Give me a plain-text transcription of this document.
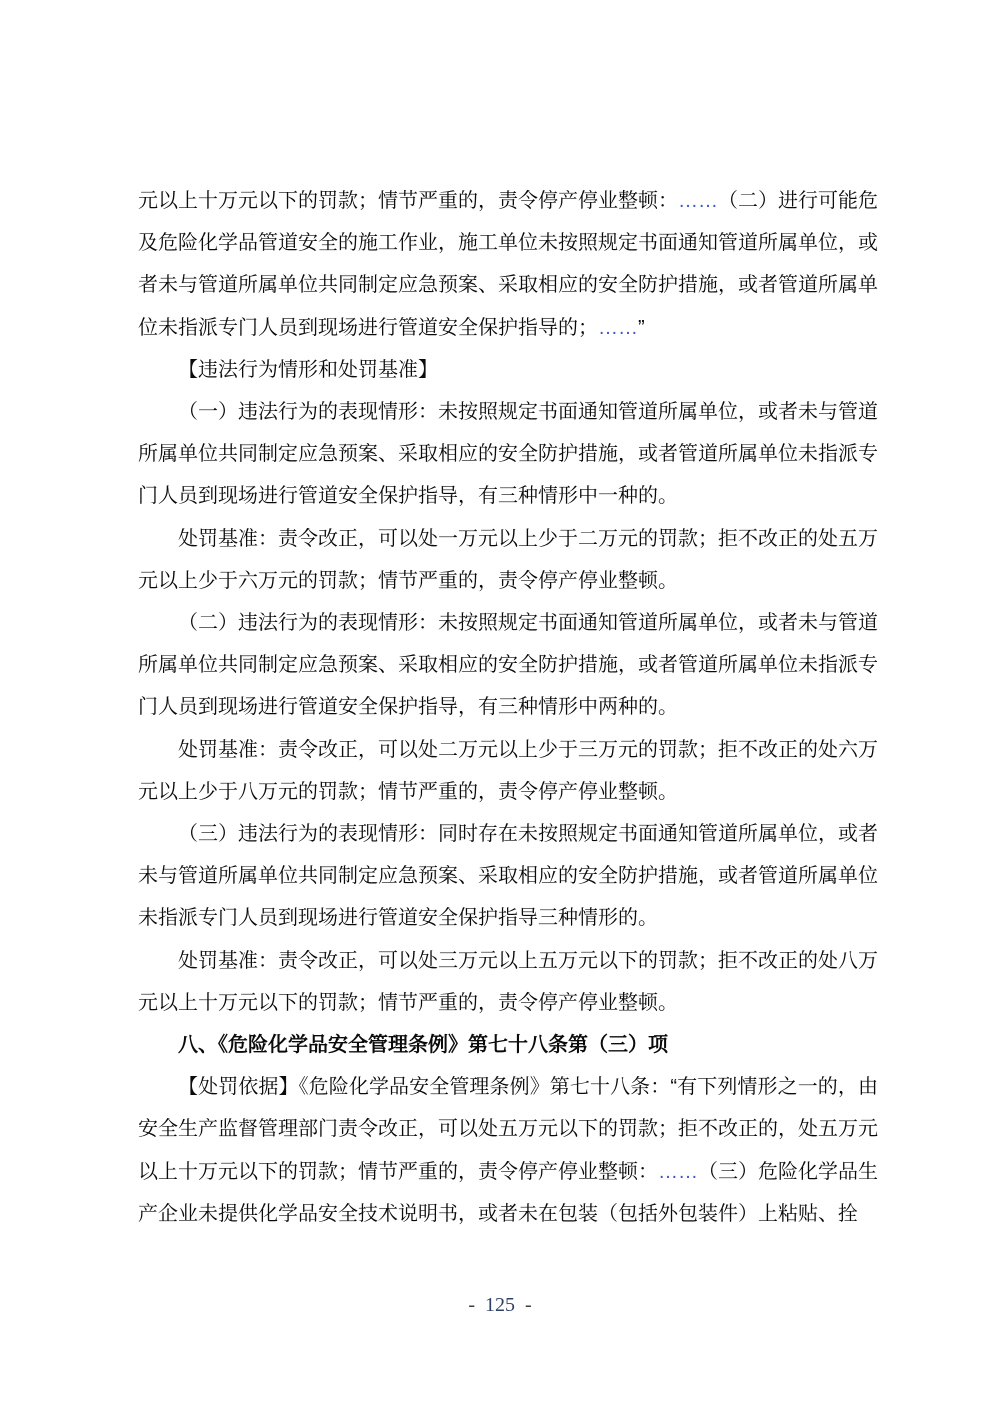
元以上十万元以下的罚款；情节严重的，责令停产停业整顿：……（二）进行可能危及危险化学品管道安全的施工作业，施工单位未按照规定书面通知管道所属单位，或者未与管道所属单位共同制定应急预案、采取相应的安全防护措施，或者管道所属单位未指派专门人员到现场进行管道安全保护指导的；……”

【违法行为情形和处罚基准】

（一）违法行为的表现情形：未按照规定书面通知管道所属单位，或者未与管道所属单位共同制定应急预案、采取相应的安全防护措施，或者管道所属单位未指派专门人员到现场进行管道安全保护指导，有三种情形中一种的。

处罚基准：责令改正，可以处一万元以上少于二万元的罚款；拒不改正的处五万元以上少于六万元的罚款；情节严重的，责令停产停业整顿。

（二）违法行为的表现情形：未按照规定书面通知管道所属单位，或者未与管道所属单位共同制定应急预案、采取相应的安全防护措施，或者管道所属单位未指派专门人员到现场进行管道安全保护指导，有三种情形中两种的。

处罚基准：责令改正，可以处二万元以上少于三万元的罚款；拒不改正的处六万元以上少于八万元的罚款；情节严重的，责令停产停业整顿。

（三）违法行为的表现情形：同时存在未按照规定书面通知管道所属单位，或者未与管道所属单位共同制定应急预案、采取相应的安全防护措施，或者管道所属单位未指派专门人员到现场进行管道安全保护指导三种情形的。

处罚基准：责令改正，可以处三万元以上五万元以下的罚款；拒不改正的处八万元以上十万元以下的罚款；情节严重的，责令停产停业整顿。

八、《危险化学品安全管理条例》第七十八条第（三）项

【处罚依据】《危险化学品安全管理条例》第七十八条：“有下列情形之一的，由安全生产监督管理部门责令改正，可以处五万元以下的罚款；拒不改正的，处五万元以上十万元以下的罚款；情节严重的，责令停产停业整顿：……（三）危险化学品生产企业未提供化学品安全技术说明书，或者未在包装（包括外包装件）上粘贴、拴

- 125 -
